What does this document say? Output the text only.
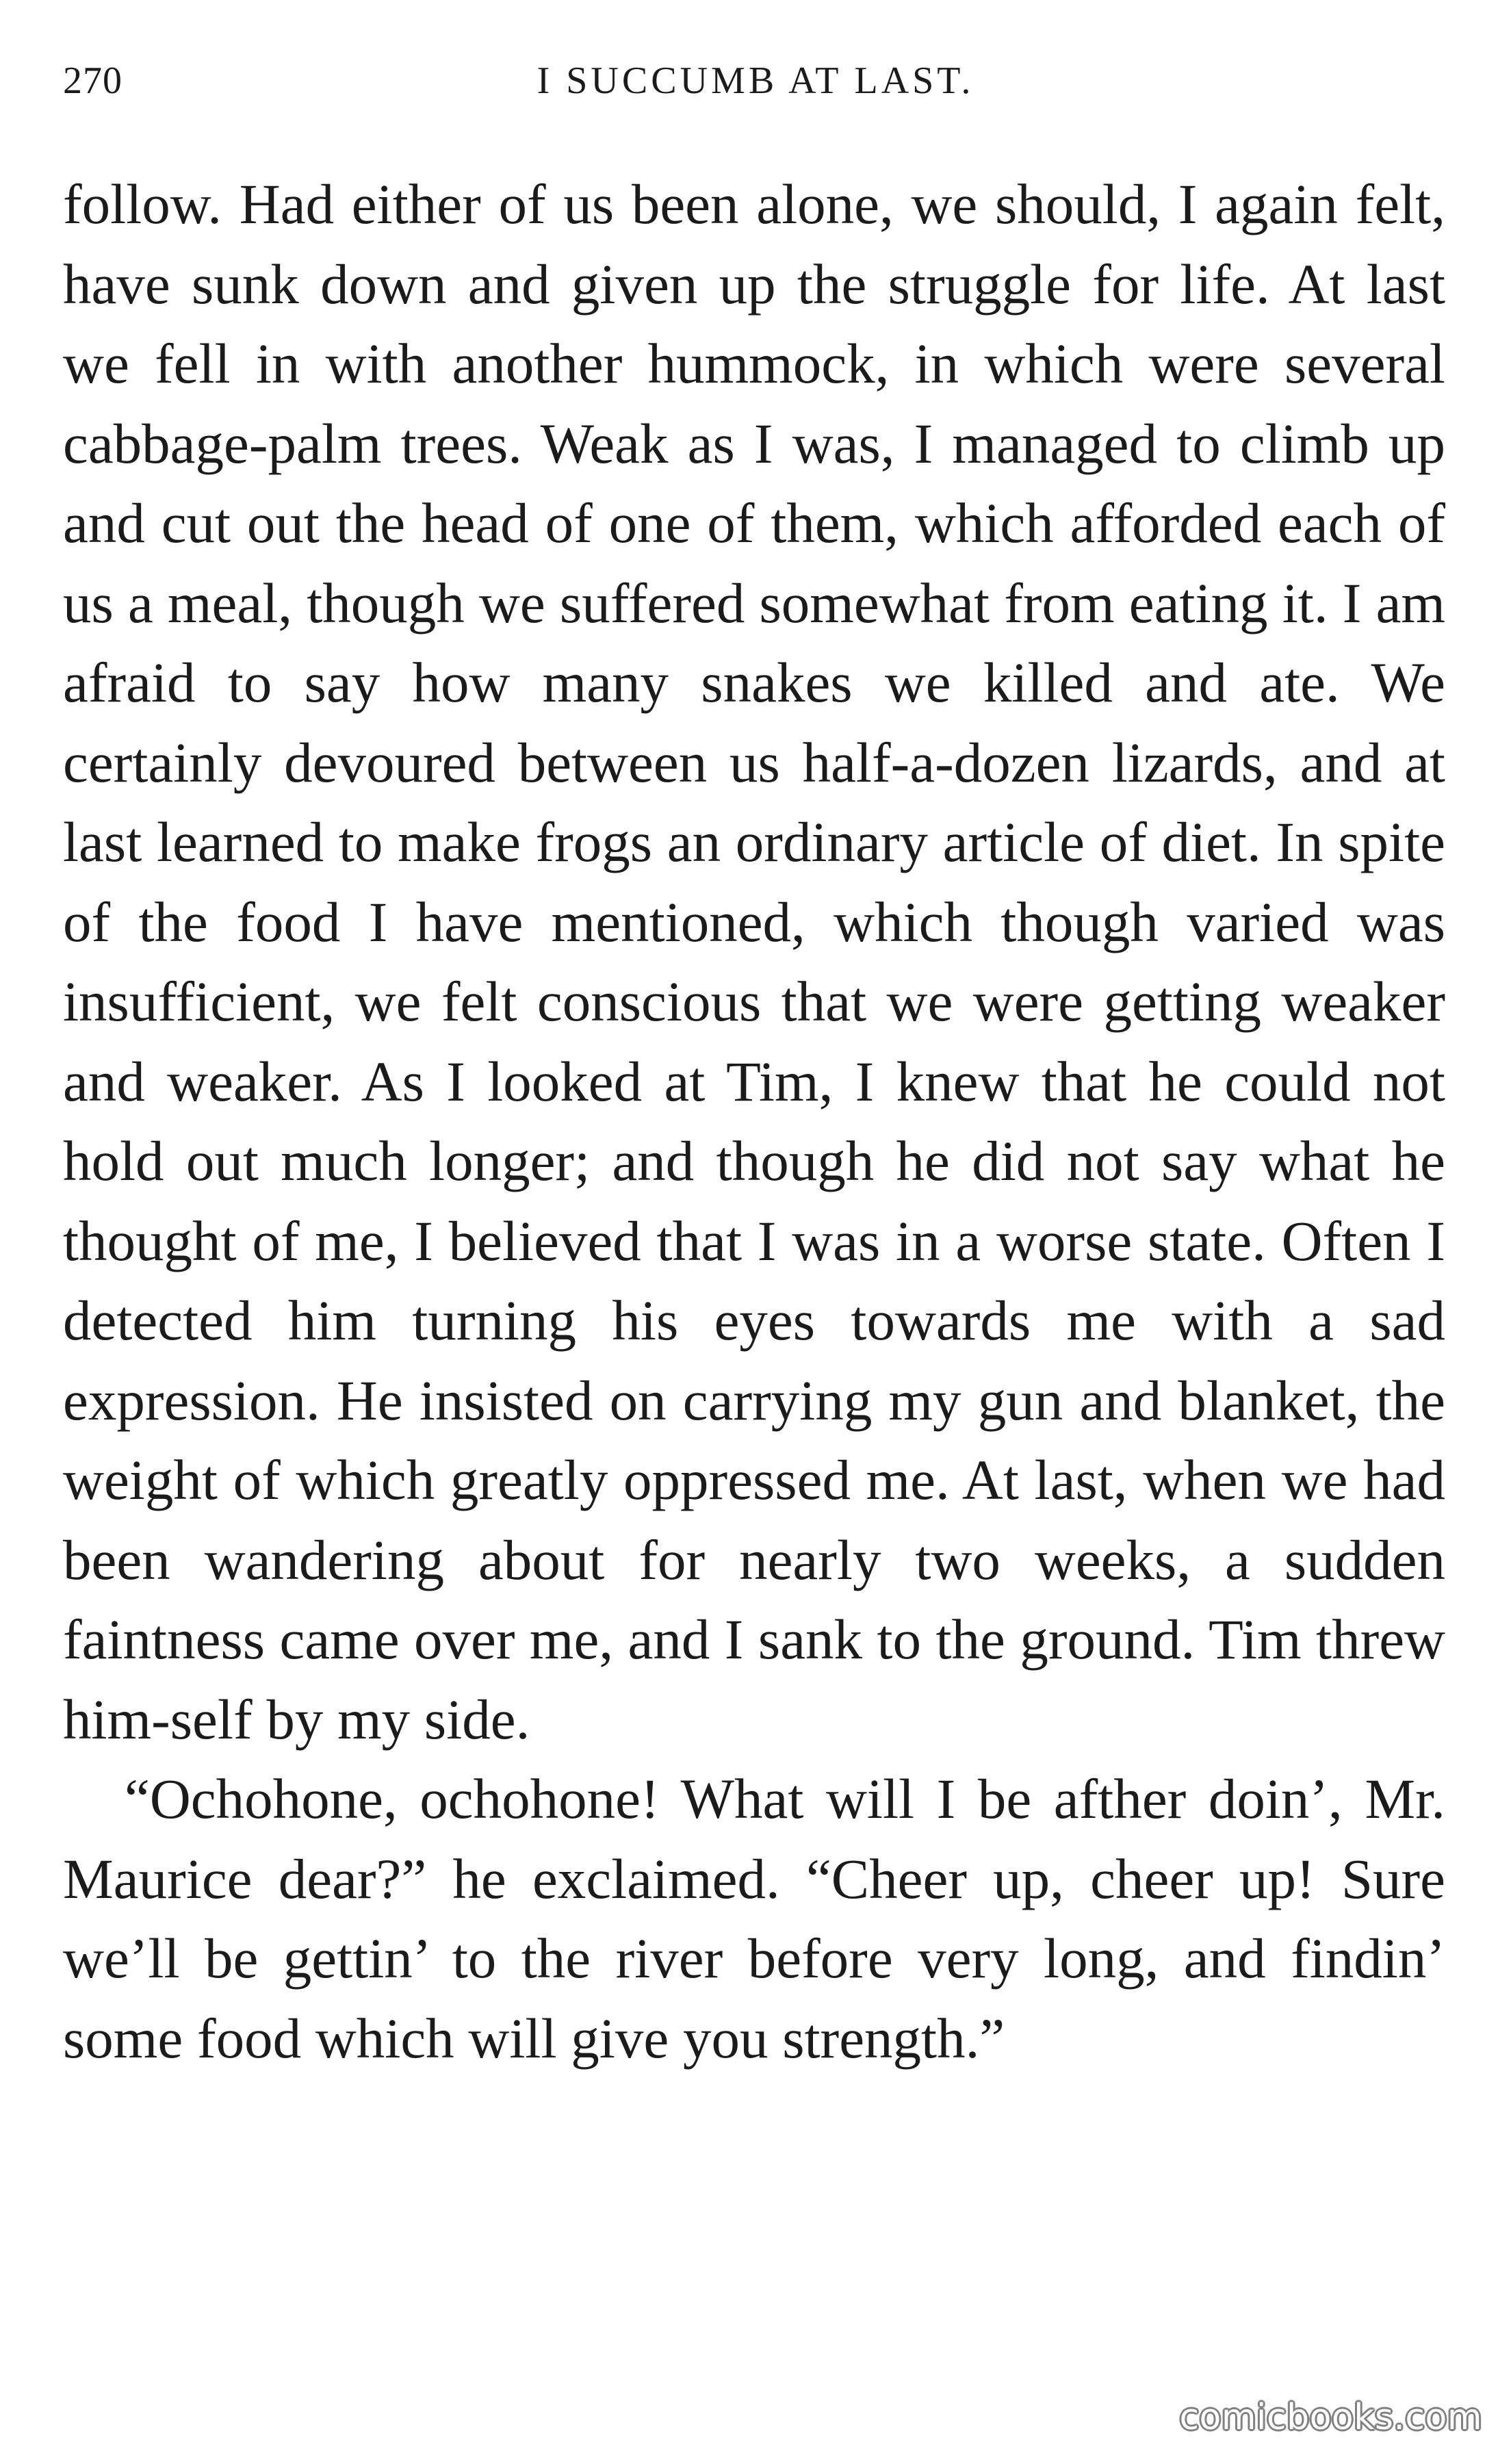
270	I SUCCUMB AT LAST.

follow. Had either of us been alone, we should, I again felt, have sunk down and given up the struggle for life. At last we fell in with another hummock, in which were several cabbage-palm trees. Weak as I was, I managed to climb up and cut out the head of one of them, which afforded each of us a meal, though we suffered somewhat from eating it. I am afraid to say how many snakes we killed and ate. We certainly devoured between us half-a-dozen lizards, and at last learned to make frogs an ordinary article of diet. In spite of the food I have mentioned, which though varied was insufficient, we felt conscious that we were getting weaker and weaker. As I looked at Tim, I knew that he could not hold out much longer; and though he did not say what he thought of me, I believed that I was in a worse state. Often I detected him turning his eyes towards me with a sad expression. He insisted on carrying my gun and blanket, the weight of which greatly oppressed me. At last, when we had been wandering about for nearly two weeks, a sudden faintness came over me, and I sank to the ground. Tim threw him-self by my side.

“Ochohone, ochohone! What will I be afther doin’, Mr. Maurice dear?” he exclaimed. “Cheer up, cheer up! Sure we’ll be gettin’ to the river before very long, and findin’ some food which will give you strength.”

comicbooks.com
